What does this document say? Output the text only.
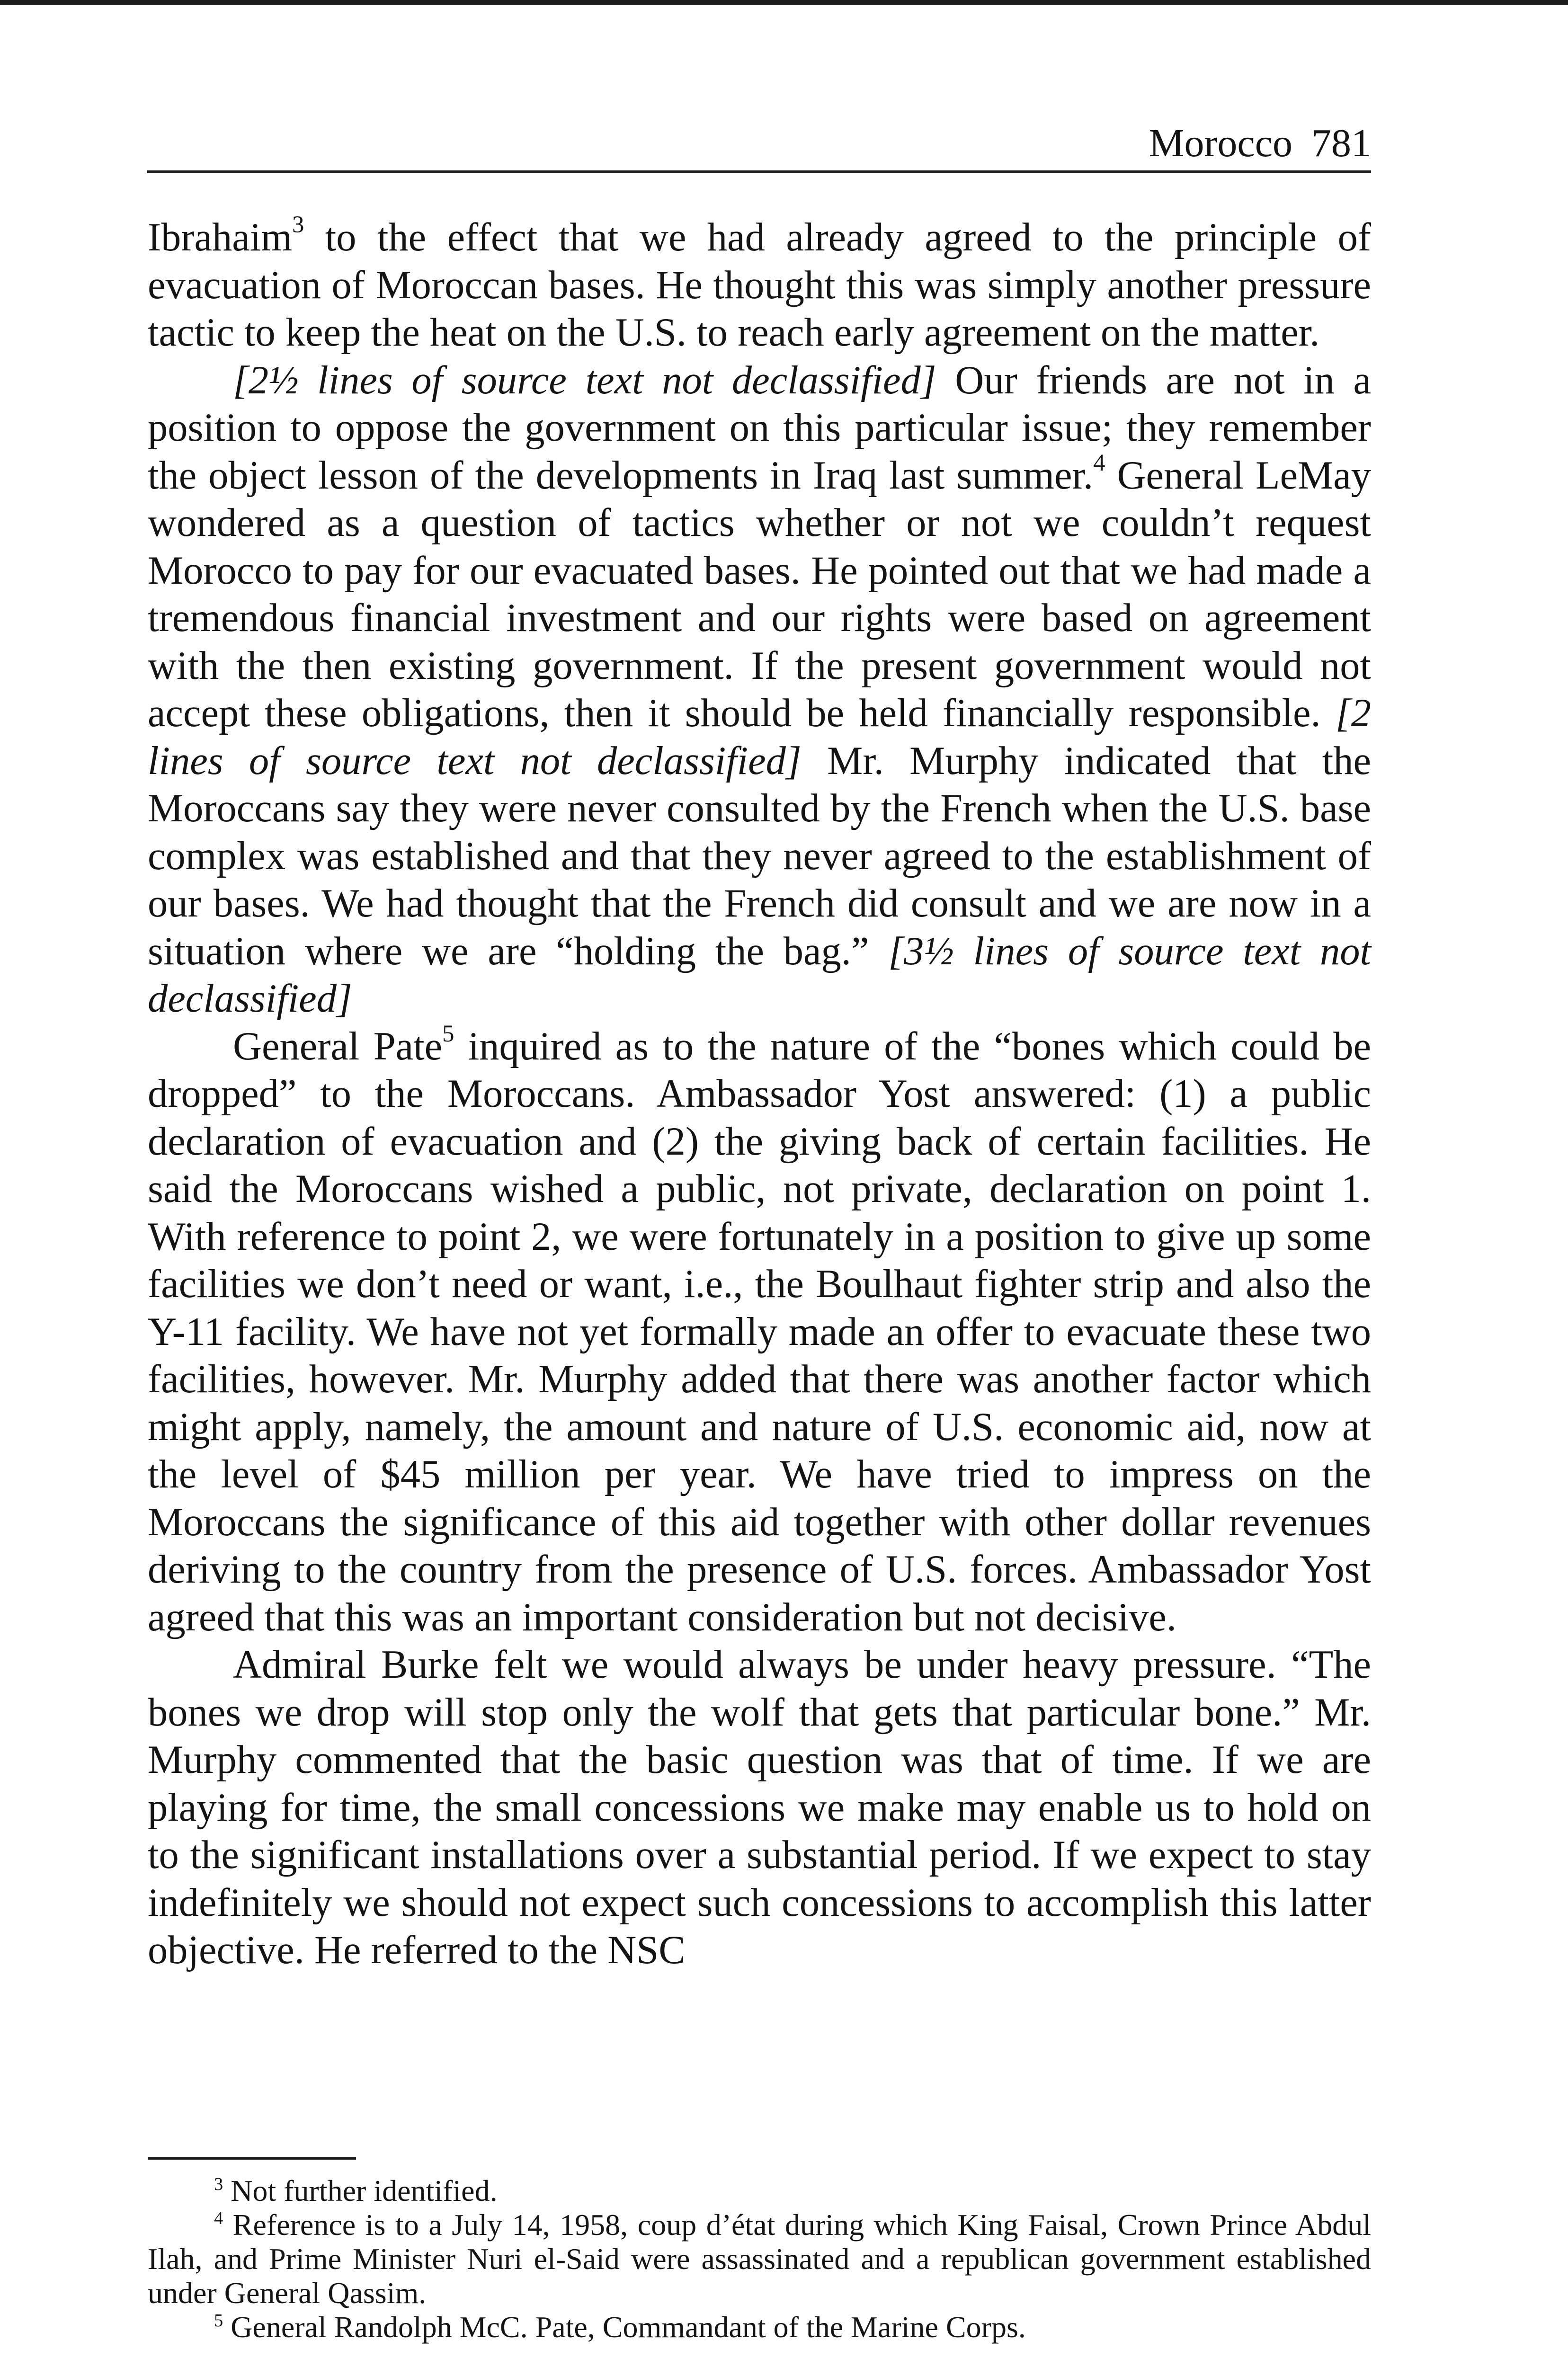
Morocco 781

Ibrahaim$^3$ to the effect that we had already agreed to the principle of evacuation of Moroccan bases. He thought this was simply another pressure tactic to keep the heat on the U.S. to reach early agreement on the matter.

[2½ lines of source text not declassified] Our friends are not in a position to oppose the government on this particular issue; they remember the object lesson of the developments in Iraq last summer.$^4$ General LeMay wondered as a question of tactics whether or not we couldn’t request Morocco to pay for our evacuated bases. He pointed out that we had made a tremendous financial investment and our rights were based on agreement with the then existing government. If the present government would not accept these obligations, then it should be held financially responsible. [2 lines of source text not declassified] Mr. Murphy indicated that the Moroccans say they were never consulted by the French when the U.S. base complex was established and that they never agreed to the establishment of our bases. We had thought that the French did consult and we are now in a situation where we are “holding the bag.” [3½ lines of source text not declassified]

General Pate$^5$ inquired as to the nature of the “bones which could be dropped” to the Moroccans. Ambassador Yost answered: (1) a public declaration of evacuation and (2) the giving back of certain facilities. He said the Moroccans wished a public, not private, declaration on point 1. With reference to point 2, we were fortunately in a position to give up some facilities we don’t need or want, i.e., the Boulhaut fighter strip and also the Y-11 facility. We have not yet formally made an offer to evacuate these two facilities, however. Mr. Murphy added that there was another factor which might apply, namely, the amount and nature of U.S. economic aid, now at the level of $45 million per year. We have tried to impress on the Moroccans the significance of this aid together with other dollar revenues deriving to the country from the presence of U.S. forces. Ambassador Yost agreed that this was an important consideration but not decisive.

Admiral Burke felt we would always be under heavy pressure. “The bones we drop will stop only the wolf that gets that particular bone.” Mr. Murphy commented that the basic question was that of time. If we are playing for time, the small concessions we make may enable us to hold on to the significant installations over a substantial period. If we expect to stay indefinitely we should not expect such concessions to accomplish this latter objective. He referred to the NSC

$^3$ Not further identified.

$^4$ Reference is to a July 14, 1958, coup d’état during which King Faisal, Crown Prince Abdul Ilah, and Prime Minister Nuri el-Said were assassinated and a republican government established under General Qassim.

$^5$ General Randolph McC. Pate, Commandant of the Marine Corps.
